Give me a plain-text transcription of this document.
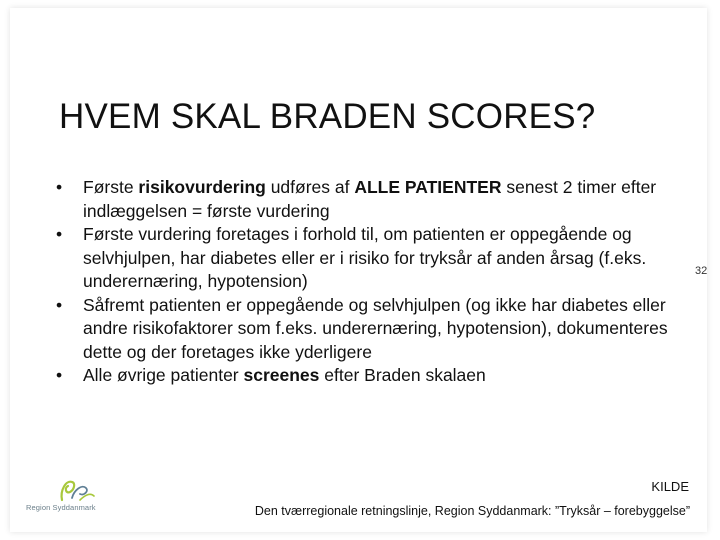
HVEM SKAL BRADEN SCORES?
• Første risikovurdering udføres af ALLE PATIENTER senest 2 timer efter indlæggelsen = første vurdering
• Første vurdering foretages i forhold til, om patienten er oppegående og selvhjulpen, har diabetes eller er i risiko for tryksår af anden årsag (f.eks. underernæring, hypotension)
• Såfremt patienten er oppegående og selvhjulpen (og ikke har diabetes eller andre risikofaktorer som f.eks. underernæring, hypotension), dokumenteres dette og der foretages ikke yderligere
• Alle øvrige patienter screenes efter Braden skalaen
32
Region Syddanmark
KILDE
Den tværregionale retningslinje, Region Syddanmark: ”Tryksår – forebyggelse”
